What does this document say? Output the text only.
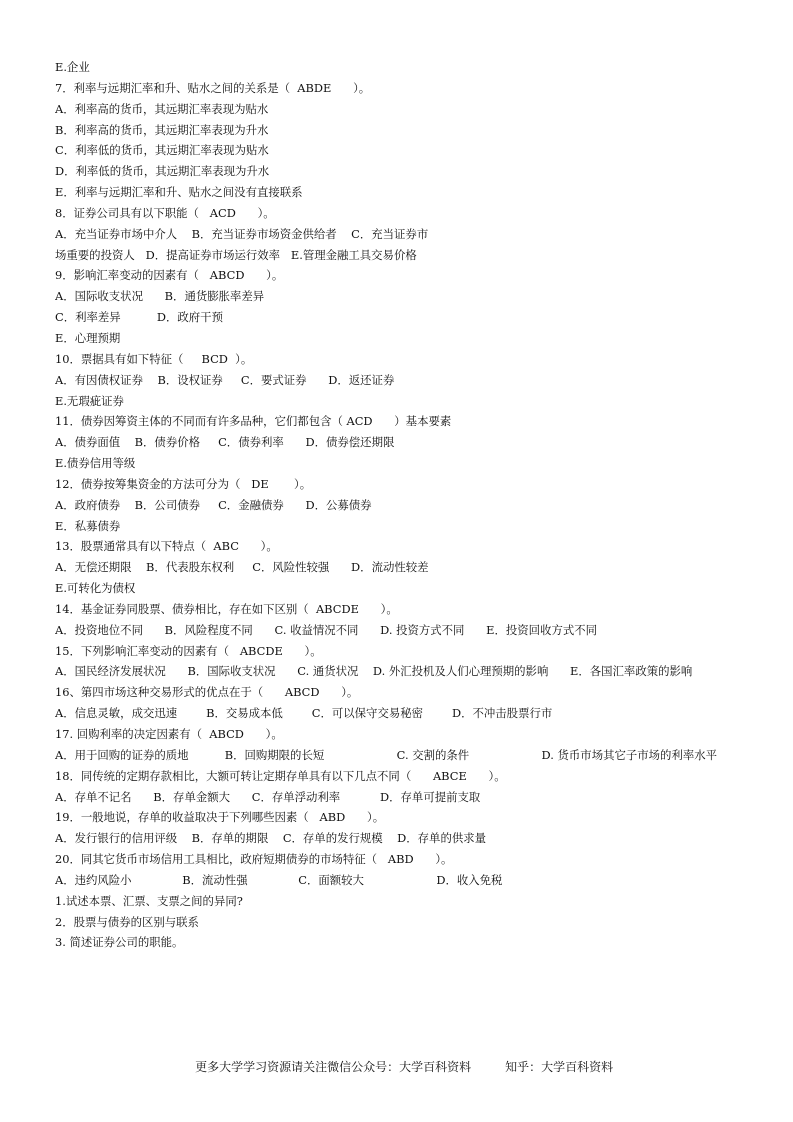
E.企业
7．利率与远期汇率和升、贴水之间的关系是（  ABDE      ）。
A．利率高的货币，其远期汇率表现为贴水
B．利率高的货币，其远期汇率表现为升水
C．利率低的货币，其远期汇率表现为贴水
D．利率低的货币，其远期汇率表现为升水
E．利率与远期汇率和升、贴水之间没有直接联系
8．证券公司具有以下职能（   ACD      ）。
A．充当证券市场中介人    B．充当证券市场资金供给者    C．充当证券市
场重要的投资人   D．提高证券市场运行效率   E.管理金融工具交易价格
9．影响汇率变动的因素有（   ABCD      ）。
A．国际收支状况      B．通货膨胀率差异
C．利率差异          D．政府干预
E．心理预期
10．票据具有如下特征（     BCD  ）。
A．有因债权证券    B．设权证券     C．要式证券      D．返还证券
E.无瑕疵证券
11．债券因筹资主体的不同而有许多品种，它们都包含（ ACD      ）基本要素
A．债券面值    B．债券价格     C．债券利率      D．债券偿还期限
E.债券信用等级
12．债券按筹集资金的方法可分为（   DE       ）。
A．政府债券    B．公司债券     C．金融债券      D．公募债券
E．私募债券
13．股票通常具有以下特点（  ABC      ）。
A．无偿还期限    B．代表股东权利     C．风险性较强      D．流动性较差
E.可转化为债权
14．基金证券同股票、债券相比，存在如下区别（  ABCDE      ）。
A．投资地位不同      B．风险程度不同      C. 收益情况不同      D. 投资方式不同      E．投资回收方式不同
15．下列影响汇率变动的因素有（   ABCDE      ）。
A．国民经济发展状况      B．国际收支状况      C. 通货状况    D. 外汇投机及人们心理预期的影响      E．各国汇率政策的影响
16、第四市场这种交易形式的优点在于（      ABCD      ）。
A．信息灵敏，成交迅速        B．交易成本低        C．可以保守交易秘密        D．不冲击股票行市
17. 回购利率的决定因素有（  ABCD      ）。
A．用于回购的证券的质地          B．回购期限的长短                    C. 交割的条件                    D. 货币市场其它子市场的利率水平
18．同传统的定期存款相比，大额可转让定期存单具有以下几点不同（      ABCE      ）。
A．存单不记名      B．存单金额大      C．存单浮动利率           D．存单可提前支取
19．一般地说，存单的收益取决于下列哪些因素（   ABD      ）。
A．发行银行的信用评级    B．存单的期限    C．存单的发行规模    D．存单的供求量
20．同其它货币市场信用工具相比，政府短期债券的市场特征（   ABD      ）。
A．违约风险小              B．流动性强              C．面额较大                    D．收入免税
1.试述本票、汇票、支票之间的异同?
2．股票与债券的区别与联系
3. 简述证券公司的职能。

更多大学学习资源请关注微信公众号：大学百科资料	知乎：大学百科资料
